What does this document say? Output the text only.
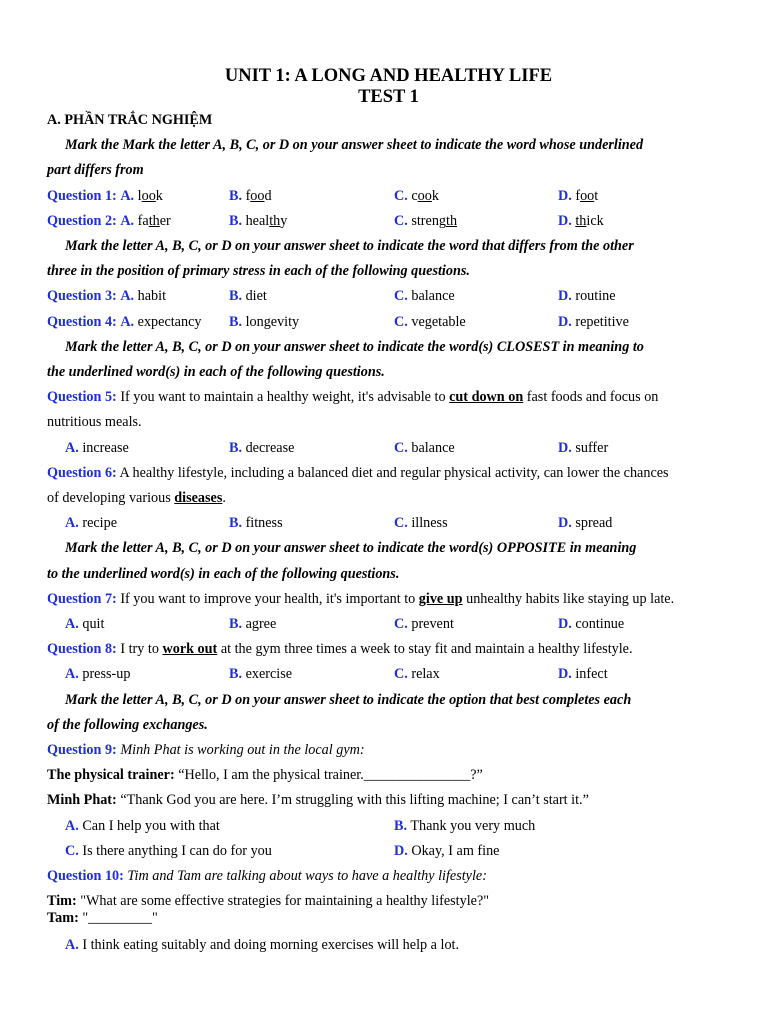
UNIT 1: A LONG AND HEALTHY LIFE
TEST 1
A. PHẦN TRẮC NGHIỆM
Mark the Mark the letter A, B, C, or D on your answer sheet to indicate the word whose underlined
part differs from
Question 1: A. look	B. food	C. cook	D. foot
Question 2: A. father	B. healthy	C. strength	D. thick
Mark the letter A, B, C, or D on your answer sheet to indicate the word that differs from the other
three in the position of primary stress in each of the following questions.
Question 3: A. habit	B. diet	C. balance	D. routine
Question 4: A. expectancy	B. longevity	C. vegetable	D. repetitive
Mark the letter A, B, C, or D on your answer sheet to indicate the word(s) CLOSEST in meaning to
the underlined word(s) in each of the following questions.
Question 5: If you want to maintain a healthy weight, it's advisable to cut down on fast foods and focus on
nutritious meals.
A. increase	B. decrease	C. balance	D. suffer
Question 6: A healthy lifestyle, including a balanced diet and regular physical activity, can lower the chances
of developing various diseases.
A. recipe	B. fitness	C. illness	D. spread
Mark the letter A, B, C, or D on your answer sheet to indicate the word(s) OPPOSITE in meaning
to the underlined word(s) in each of the following questions.
Question 7: If you want to improve your health, it's important to give up unhealthy habits like staying up late.
A. quit	B. agree	C. prevent	D. continue
Question 8: I try to work out at the gym three times a week to stay fit and maintain a healthy lifestyle.
A. press-up	B. exercise	C. relax	D. infect
Mark the letter A, B, C, or D on your answer sheet to indicate the option that best completes each
of the following exchanges.
Question 9: Minh Phat is working out in the local gym:
The physical trainer: “Hello, I am the physical trainer._______________?”
Minh Phat: “Thank God you are here. I’m struggling with this lifting machine; I can’t start it.”
A. Can I help you with that	B. Thank you very much
C. Is there anything I can do for you	D. Okay, I am fine
Question 10: Tim and Tam are talking about ways to have a healthy lifestyle:
Tim: "What are some effective strategies for maintaining a healthy lifestyle?"
Tam: "_________"
A. I think eating suitably and doing morning exercises will help a lot.
